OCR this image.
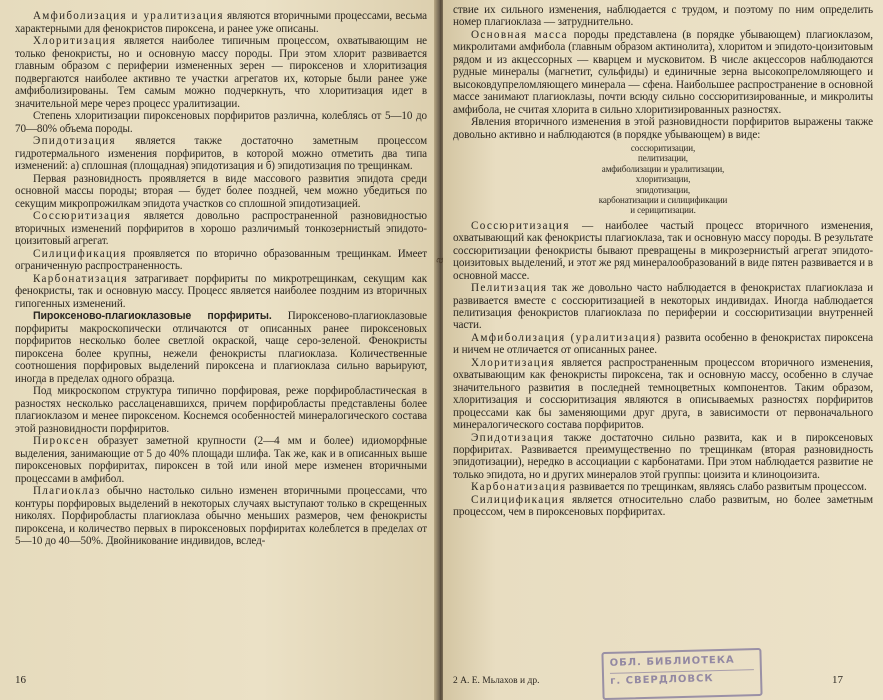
Амфиболизация и уралитизация являются вторичными процессами, весьма характерными для фенокристов пироксена, и ранее уже описаны.

Хлоритизация является наиболее типичным процессом, охватывающим не только фенокристы, но и основную массу породы. При этом хлорит развивается главным образом с периферии измененных зерен — пироксенов и хлоритизация подвергаются наиболее активно те участки агрегатов их, которые были ранее уже амфиболизированы. Тем самым можно подчеркнуть, что хлоритизация идет в значительной мере через процесс уралитизации.

Степень хлоритизации пироксеновых порфиритов различна, колеблясь от 5—10 до 70—80% объема породы.

Эпидотизация является также достаточно заметным процессом гидротермального изменения порфиритов, в которой можно отметить два типа изменений: а) сплошная (площадная) эпидотизация и б) эпидотизация по трещинкам.

Первая разновидность проявляется в виде массового развития эпидота среди основной массы породы; вторая — будет более поздней, чем можно убедиться по секущим микропрожилкам эпидота участков со сплошной эпидотизацией.

Соссюритизация является довольно распространенной разновидностью вторичных изменений порфиритов в хорошо различимый тонкозернистый эпидото-цоизитовый агрегат.

Силицификация проявляется по вторично образованным трещинкам. Имеет ограниченную распространенность.

Карбонатизация затрагивает порфириты по микротрещинкам, секущим как фенокристы, так и основную массу. Процесс является наиболее поздним из вторичных гипогенных изменений.

Пироксеново-плагиоклазовые порфириты. Пироксеново-плагиоклазовые порфириты макроскопически отличаются от описанных ранее пироксеновых порфиритов несколько более светлой окраской, чаще серо-зеленой. Фенокристы пироксена более крупны, нежели фенокристы плагиоклаза. Количественные соотношения порфировых выделений пироксена и плагиоклаза сильно варьируют, иногда в пределах одного образца.

Под микроскопом структура типично порфировая, реже порфиробластическая в разностях несколько расслаценавшихся, причем порфиробласты представлены более плагиоклазом и менее пироксеном. Коснемся особенностей минералогического состава этой разновидности порфиритов.

Пироксен образует заметной крупности (2—4 мм и более) идиоморфные выделения, занимающие от 5 до 40% площади шлифа. Так же, как и в описанных выше пироксеновых порфиритах, пироксен в той или иной мере изменен вторичными процессами в амфибол.

Плагиоклаз обычно настолько сильно изменен вторичными процессами, что контуры порфировых выделений в некоторых случаях выступают только в скрещенных николях. Порфиробласты плагиоклаза обычно меньших размеров, чем фенокристы пироксена, и количество первых в пироксеновых порфиритах колеблется в пределах от 5—10 до 40—50%. Двойникование индивидов, вслед-

16

ствие их сильного изменения, наблюдается с трудом, и поэтому по ним определить номер плагиоклаза — затруднительно.

Основная масса породы представлена (в порядке убывающем) плагиоклазом, микролитами амфибола (главным образом актинолита), хлоритом и эпидото-цоизитовым рядом и из акцессорных — кварцем и мусковитом. В числе акцессоров наблюдаются рудные минералы (магнетит, сульфиды) и единичные зерна высокопреломляющего и высоковдупреломляющего минерала — сфена. Наибольшее распространение в основной массе занимают плагиоклазы, почти всюду сильно соссюритизированные, и микролиты амфибола, не считая хлорита в сильно хлоритизированных разностях.

Явления вторичного изменения в этой разновидности порфиритов выражены также довольно активно и наблюдаются (в порядке убывающем) в виде:

соссюритизации,
пелитизации,
амфиболизации и уралитизации,
хлоритизации,
эпидотизации,
карбонатизации и силицификации
и серицитизации.

Соссюритизация — наиболее частый процесс вторичного изменения, охватывающий как фенокристы плагиоклаза, так и основную массу породы. В результате соссюритизации фенокристы бывают превращены в микрозернистый агрегат эпидото-цоизитовых выделений, и этот же ряд минералообразований в виде пятен развивается и в основной массе.

Пелитизация так же довольно часто наблюдается в фенокристах плагиоклаза и развивается вместе с соссюритизацией в некоторых индивидах. Иногда наблюдается пелитизация фенокристов плагиоклаза по периферии и соссюритизации внутренней части.

Амфиболизация (уралитизация) развита особенно в фенокристах пироксена и ничем не отличается от описанных ранее.

Хлоритизация является распространенным процессом вторичного изменения, охватывающим как фенокристы пироксена, так и основную массу, особенно в случае значительного развития в последней темноцветных компонентов. Таким образом, хлоритизация и соссюритизация являются в описываемых разностях порфиритов процессами как бы заменяющими друг друга, в зависимости от первоначального минералогического состава порфиритов.

Эпидотизация также достаточно сильно развита, как и в пироксеновых порфиритах. Развивается преимущественно по трещинкам (вторая разновидность эпидотизации), нередко в ассоциации с карбонатами. При этом наблюдается развитие не только эпидота, но и других минералов этой группы: цоизита и клиноцоизита.

Карбонатизация развивается по трещинкам, являясь слабо развитым процессом.

Силицификация является относительно слабо развитым, но более заметным процессом, чем в пироксеновых порфиритах.

2 А. Е. Мьлахов и др.	17
ОБЛ. БИБЛИОТЕКА
г. СВЕРДЛОВСК
а
